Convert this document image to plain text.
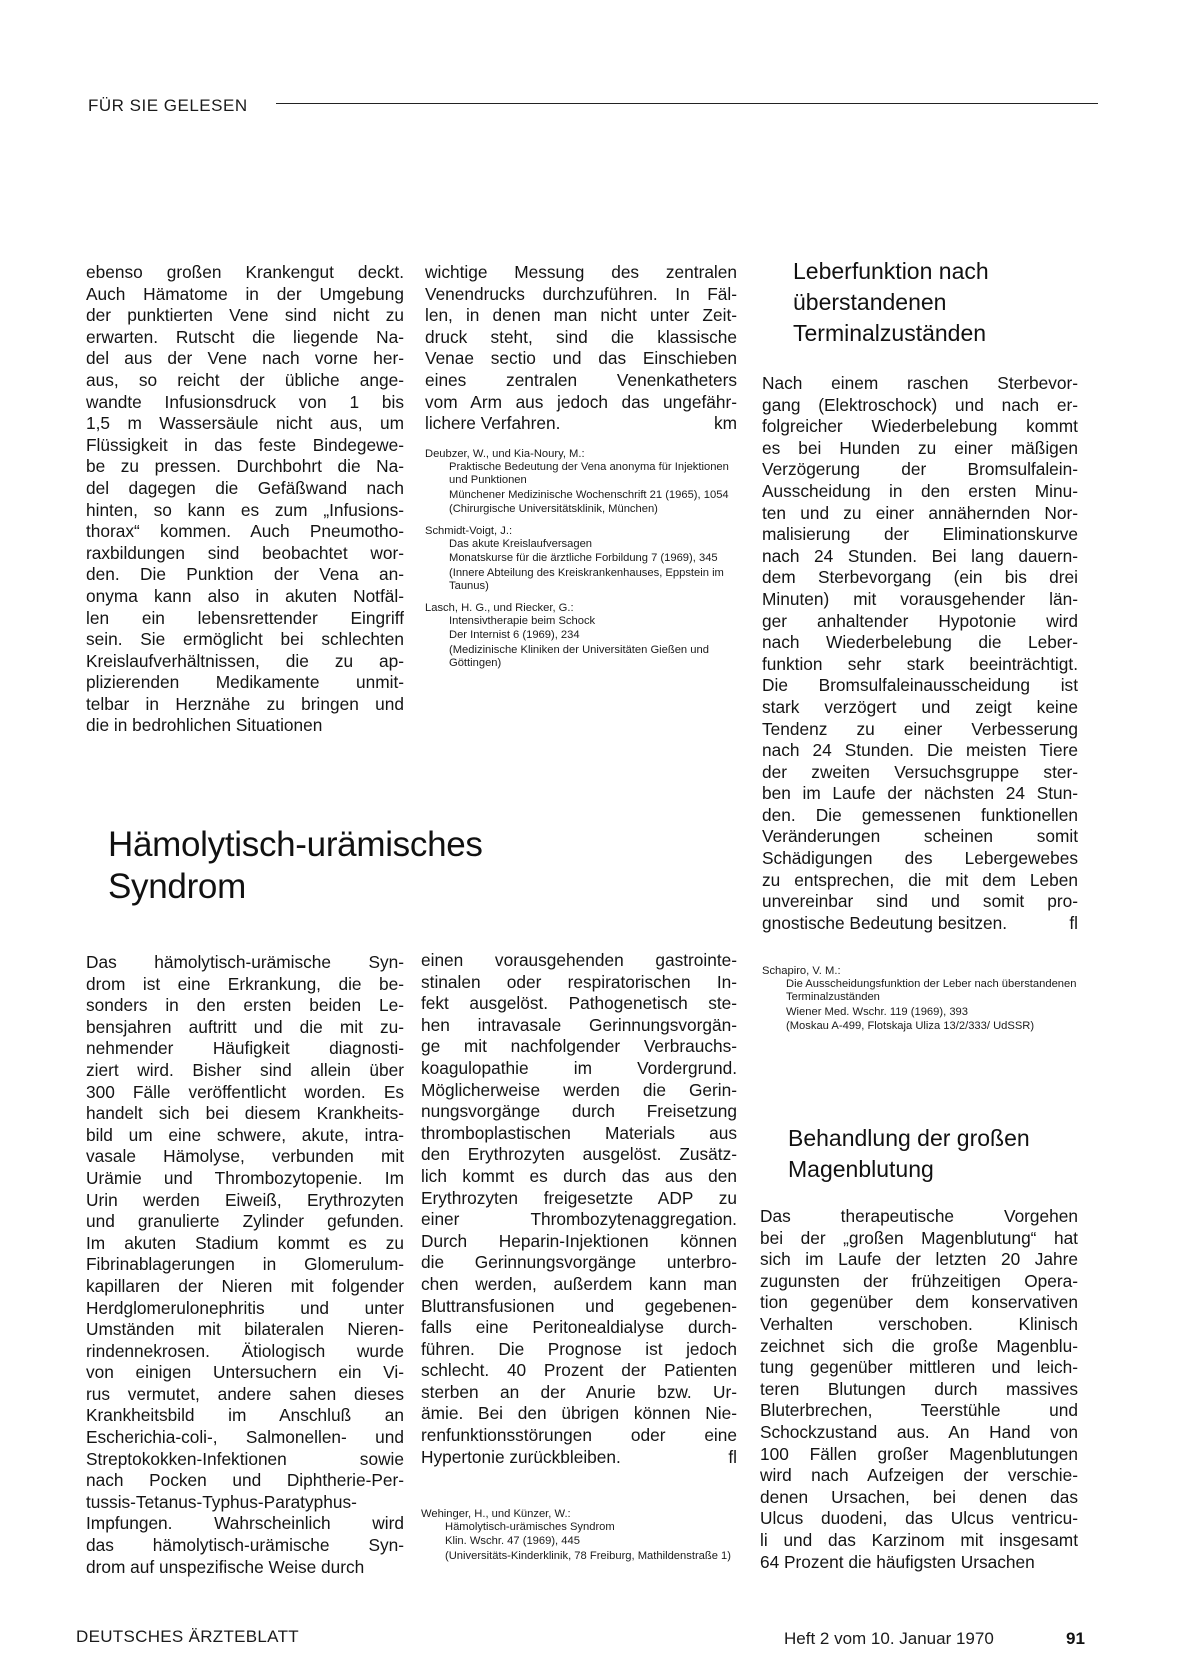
FÜR SIE GELESEN
ebenso großen Krankengut deckt.
Auch Hämatome in der Umgebung
der punktierten Vene sind nicht zu
erwarten. Rutscht die liegende Na-
del aus der Vene nach vorne her-
aus, so reicht der übliche ange-
wandte Infusionsdruck von 1 bis
1,5 m Wassersäule nicht aus, um
Flüssigkeit in das feste Bindegewe-
be zu pressen. Durchbohrt die Na-
del dagegen die Gefäßwand nach
hinten, so kann es zum „Infusions-
thorax“ kommen. Auch Pneumotho-
raxbildungen sind beobachtet wor-
den. Die Punktion der Vena an-
onyma kann also in akuten Notfäl-
len ein lebensrettender Eingriff
sein. Sie ermöglicht bei schlechten
Kreislaufverhältnissen, die zu ap-
plizierenden Medikamente unmit-
telbar in Herznähe zu bringen und
die in bedrohlichen Situationen
wichtige Messung des zentralen
Venendrucks durchzuführen. In Fäl-
len, in denen man nicht unter Zeit-
druck steht, sind die klassische
Venae sectio und das Einschieben
eines zentralen Venenkatheters
vom Arm aus jedoch das ungefähr-
lichere Verfahren.	km
Deubzer, W., und Kia-Noury, M.:
Praktische Bedeutung der Vena anonyma für Injektionen und Punktionen
Münchener Medizinische Wochenschrift 21 (1965), 1054
(Chirurgische Universitätsklinik, München)
Schmidt-Voigt, J.:
Das akute Kreislaufversagen
Monatskurse für die ärztliche Forbildung 7 (1969), 345
(Innere Abteilung des Kreiskrankenhauses, Eppstein im Taunus)
Lasch, H. G., und Riecker, G.:
Intensivtherapie beim Schock
Der Internist 6 (1969), 234
(Medizinische Kliniken der Universitäten Gießen und Göttingen)
Leberfunktion nach
überstandenen
Terminalzuständen
Nach einem raschen Sterbevor-
gang (Elektroschock) und nach er-
folgreicher Wiederbelebung kommt
es bei Hunden zu einer mäßigen
Verzögerung der Bromsulfalein-
Ausscheidung in den ersten Minu-
ten und zu einer annähernden Nor-
malisierung der Eliminationskurve
nach 24 Stunden. Bei lang dauern-
dem Sterbevorgang (ein bis drei
Minuten) mit vorausgehender län-
ger anhaltender Hypotonie wird
nach Wiederbelebung die Leber-
funktion sehr stark beeinträchtigt.
Die Bromsulfaleinausscheidung ist
stark verzögert und zeigt keine
Tendenz zu einer Verbesserung
nach 24 Stunden. Die meisten Tiere
der zweiten Versuchsgruppe ster-
ben im Laufe der nächsten 24 Stun-
den. Die gemessenen funktionellen
Veränderungen scheinen somit
Schädigungen des Lebergewebes
zu entsprechen, die mit dem Leben
unvereinbar sind und somit pro-
gnostische Bedeutung besitzen.	fl
Schapiro, V. M.:
Die Ausscheidungsfunktion der Leber nach überstandenen Terminalzuständen
Wiener Med. Wschr. 119 (1969), 393
(Moskau A-499, Flotskaja Uliza 13/2/333/ UdSSR)
Hämolytisch-urämisches
Syndrom
Das hämolytisch-urämische Syn-
drom ist eine Erkrankung, die be-
sonders in den ersten beiden Le-
bensjahren auftritt und die mit zu-
nehmender Häufigkeit diagnosti-
ziert wird. Bisher sind allein über
300 Fälle veröffentlicht worden. Es
handelt sich bei diesem Krankheits-
bild um eine schwere, akute, intra-
vasale Hämolyse, verbunden mit
Urämie und Thrombozytopenie. Im
Urin werden Eiweiß, Erythrozyten
und granulierte Zylinder gefunden.
Im akuten Stadium kommt es zu
Fibrinablagerungen in Glomerulum-
kapillaren der Nieren mit folgender
Herdglomerulonephritis und unter
Umständen mit bilateralen Nieren-
rindennekrosen. Ätiologisch wurde
von einigen Untersuchern ein Vi-
rus vermutet, andere sahen dieses
Krankheitsbild im Anschluß an
Escherichia-coli-, Salmonellen- und
Streptokokken-Infektionen sowie
nach Pocken und Diphtherie-Per-
tussis-Tetanus-Typhus-Paratyphus-
Impfungen. Wahrscheinlich wird
das hämolytisch-urämische Syn-
drom auf unspezifische Weise durch
einen vorausgehenden gastrointe-
stinalen oder respiratorischen In-
fekt ausgelöst. Pathogenetisch ste-
hen intravasale Gerinnungsvorgän-
ge mit nachfolgender Verbrauchs-
koagulopathie im Vordergrund.
Möglicherweise werden die Gerin-
nungsvorgänge durch Freisetzung
thromboplastischen Materials aus
den Erythrozyten ausgelöst. Zusätz-
lich kommt es durch das aus den
Erythrozyten freigesetzte ADP zu
einer Thrombozytenaggregation.
Durch Heparin-Injektionen können
die Gerinnungsvorgänge unterbro-
chen werden, außerdem kann man
Bluttransfusionen und gegebenen-
falls eine Peritonealdialyse durch-
führen. Die Prognose ist jedoch
schlecht. 40 Prozent der Patienten
sterben an der Anurie bzw. Ur-
ämie. Bei den übrigen können Nie-
renfunktionsstörungen oder eine
Hypertonie zurückbleiben.	fl
Wehinger, H., und Künzer, W.:
Hämolytisch-urämisches Syndrom
Klin. Wschr. 47 (1969), 445
(Universitäts-Kinderklinik, 78 Freiburg, Mathildenstraße 1)
Behandlung der großen
Magenblutung
Das therapeutische Vorgehen
bei der „großen Magenblutung“ hat
sich im Laufe der letzten 20 Jahre
zugunsten der frühzeitigen Opera-
tion gegenüber dem konservativen
Verhalten verschoben. Klinisch
zeichnet sich die große Magenblu-
tung gegenüber mittleren und leich-
teren Blutungen durch massives
Bluterbrechen, Teerstühle und
Schockzustand aus. An Hand von
100 Fällen großer Magenblutungen
wird nach Aufzeigen der verschie-
denen Ursachen, bei denen das
Ulcus duodeni, das Ulcus ventricu-
li und das Karzinom mit insgesamt
64 Prozent die häufigsten Ursachen
DEUTSCHES ÄRZTEBLATT	Heft 2 vom 10. Januar 1970	91
